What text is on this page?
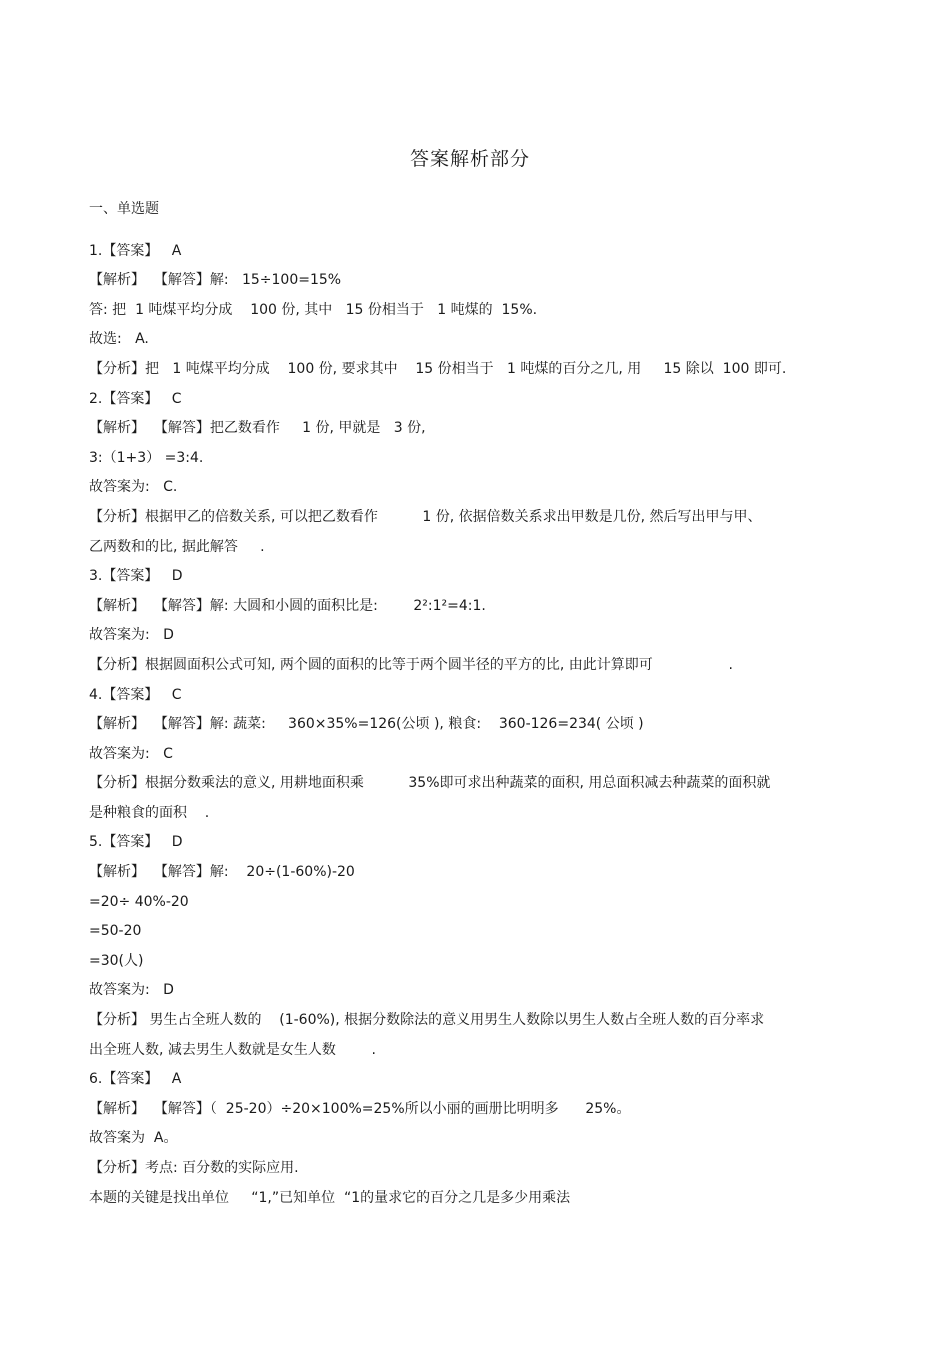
答案解析部分
一、单选题
1.【答案】   A
【解析】  【解答】解:   15÷100=15%
答: 把  1 吨煤平均分成    100 份, 其中   15 份相当于   1 吨煤的  15%.
故选:   A.
【分析】把   1 吨煤平均分成    100 份, 要求其中    15 份相当于   1 吨煤的百分之几, 用     15 除以  100 即可.
2.【答案】   C
【解析】  【解答】把乙数看作     1 份, 甲就是   3 份,
3:（1+3） =3:4.
故答案为:   C.
【分析】根据甲乙的倍数关系, 可以把乙数看作          1 份, 依据倍数关系求出甲数是几份, 然后写出甲与甲、
乙两数和的比, 据此解答     .
3.【答案】   D
【解析】  【解答】解: 大圆和小圆的面积比是:        2²:1²=4:1.
故答案为:   D
【分析】根据圆面积公式可知, 两个圆的面积的比等于两个圆半径的平方的比, 由此计算即可                 .
4.【答案】   C
【解析】  【解答】解: 蔬菜:     360×35%=126(公顷 ), 粮食:    360-126=234( 公顷 )
故答案为:   C
【分析】根据分数乘法的意义, 用耕地面积乘          35%即可求出种蔬菜的面积, 用总面积减去种蔬菜的面积就
是种粮食的面积    .
5.【答案】   D
【解析】  【解答】解:    20÷(1-60%)-20
=20÷ 40%-20
=50-20
=30(人)
故答案为:   D
【分析】 男生占全班人数的    (1-60%), 根据分数除法的意义用男生人数除以男生人数占全班人数的百分率求
出全班人数, 减去男生人数就是女生人数        .
6.【答案】   A
【解析】  【解答】（  25-20）÷20×100%=25%所以小丽的画册比明明多      25%。
故答案为  A。
【分析】考点: 百分数的实际应用.
本题的关键是找出单位     “1,”已知单位  “1的量求它的百分之几是多少用乘法
